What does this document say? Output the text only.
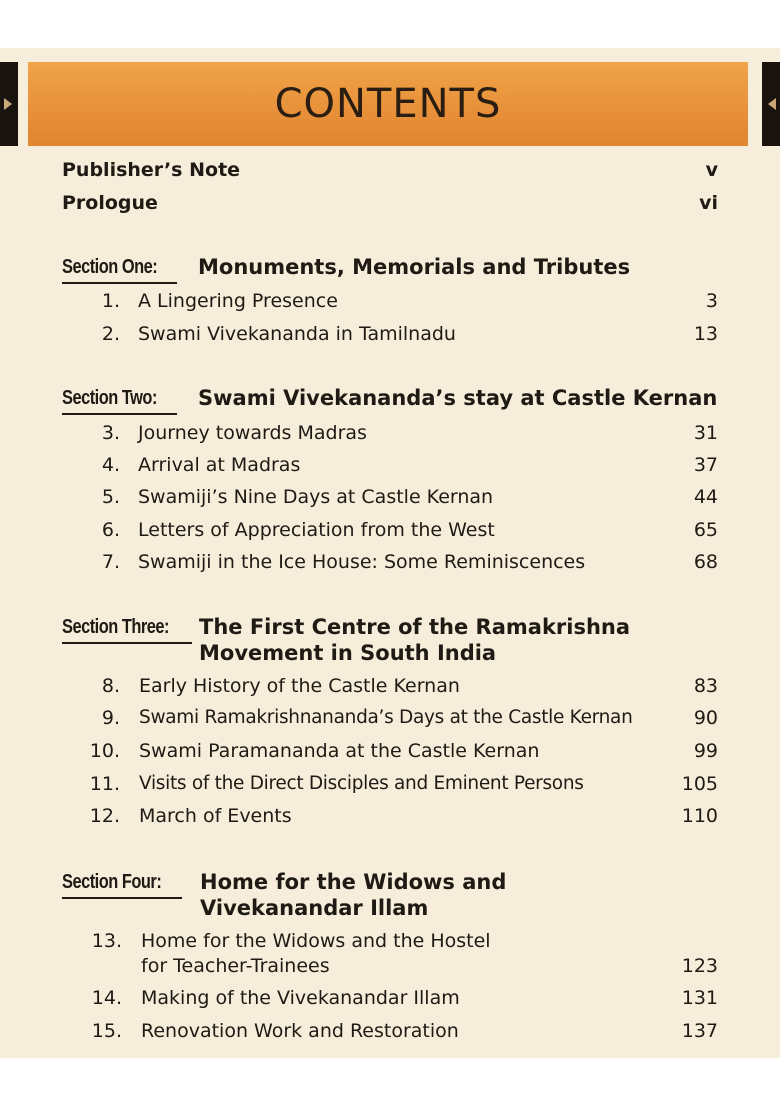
CONTENTS
Publisher’s Note	v
Prologue	vi
Section One: Monuments, Memorials and Tributes
1. A Lingering Presence	3
2. Swami Vivekananda in Tamilnadu	13
Section Two: Swami Vivekananda’s stay at Castle Kernan
3. Journey towards Madras	31
4. Arrival at Madras	37
5. Swamiji’s Nine Days at Castle Kernan	44
6. Letters of Appreciation from the West	65
7. Swamiji in the Ice House: Some Reminiscences	68
Section Three: The First Centre of the Ramakrishna
Movement in South India
8. Early History of the Castle Kernan	83
9. Swami Ramakrishnananda’s Days at the Castle Kernan	90
10. Swami Paramananda at the Castle Kernan	99
11. Visits of the Direct Disciples and Eminent Persons	105
12. March of Events	110
Section Four: Home for the Widows and
Vivekanandar Illam
13. Home for the Widows and the Hostel
for Teacher-Trainees	123
14. Making of the Vivekanandar Illam	131
15. Renovation Work and Restoration	137
